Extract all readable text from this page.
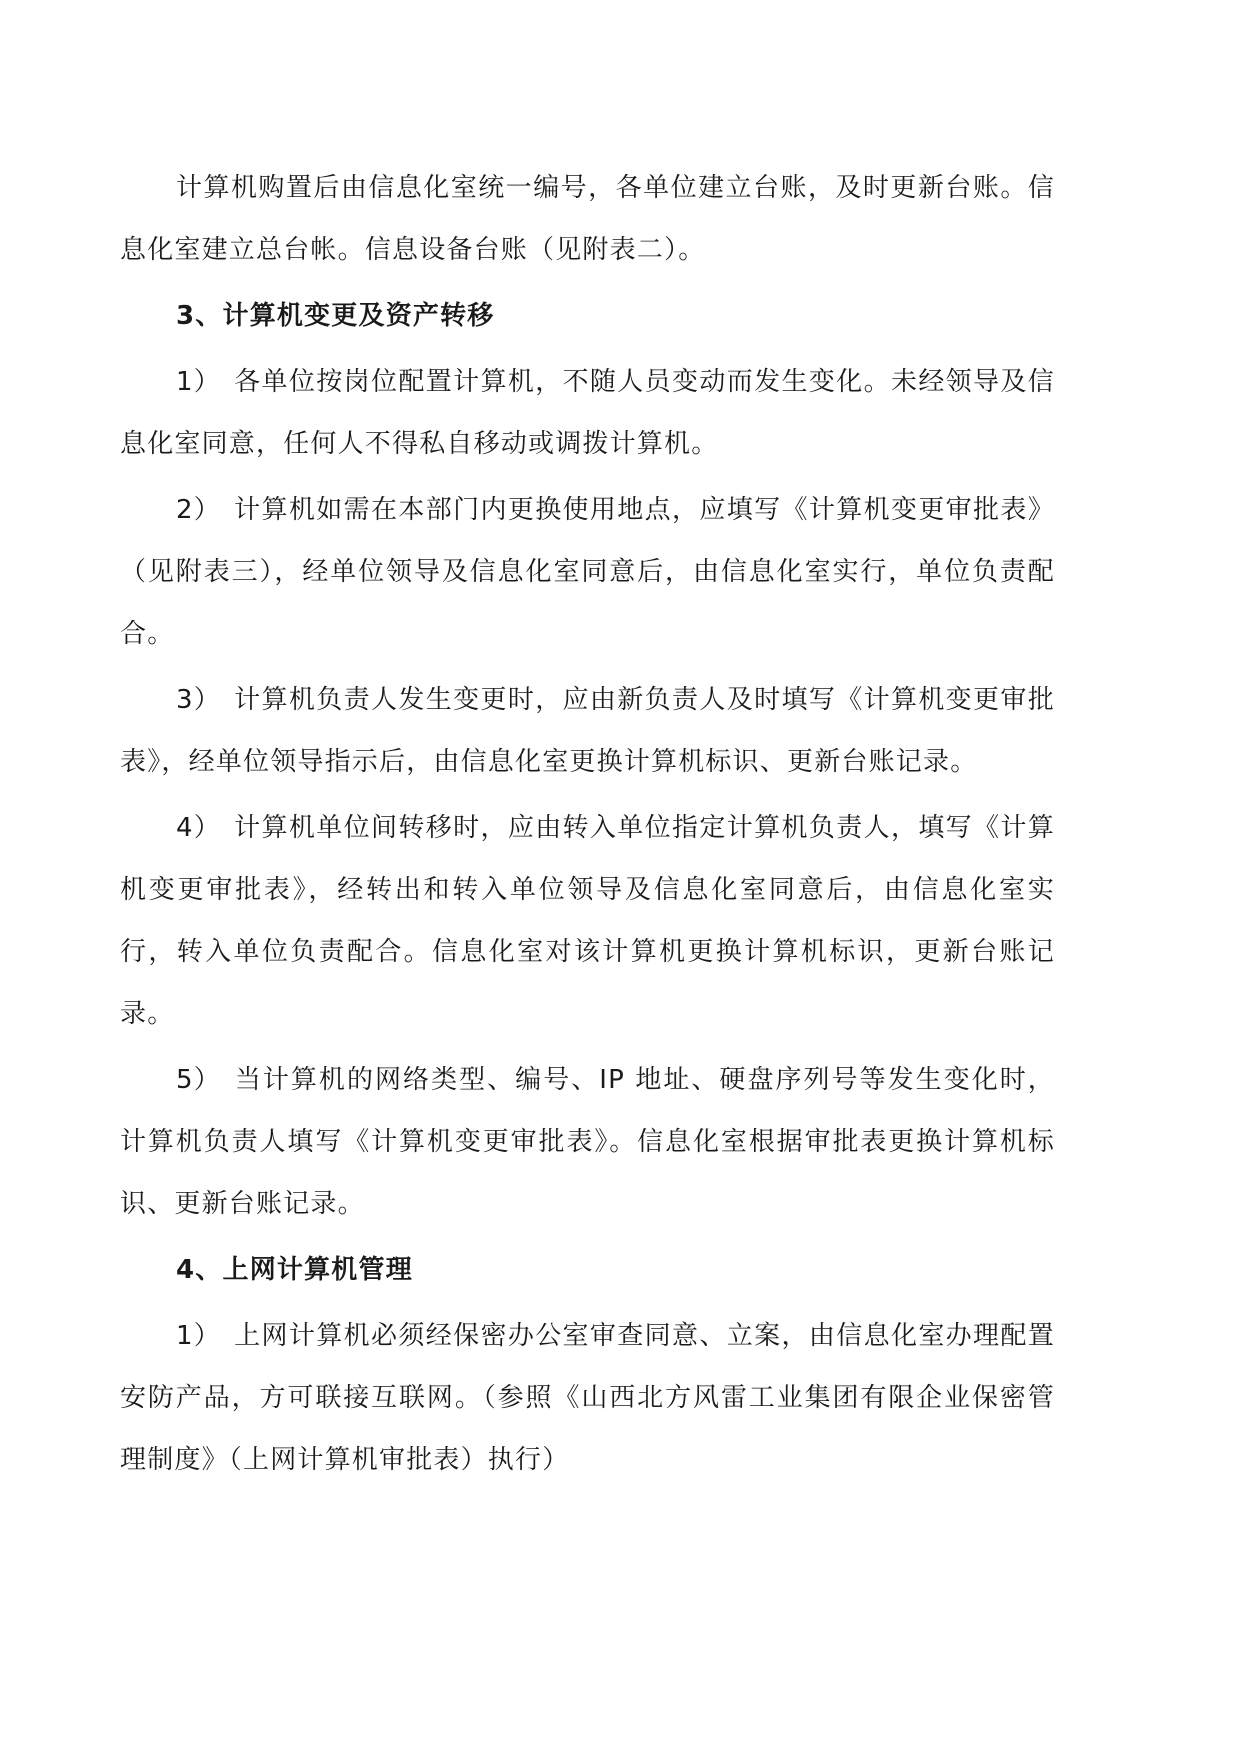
计算机购置后由信息化室统一编号，各单位建立台账，及时更新台账。信息化室建立总台帐。信息设备台账（见附表二）。

3、计算机变更及资产转移

1） 各单位按岗位配置计算机，不随人员变动而发生变化。未经领导及信息化室同意，任何人不得私自移动或调拨计算机。

2） 计算机如需在本部门内更换使用地点，应填写《计算机变更审批表》（见附表三），经单位领导及信息化室同意后，由信息化室实行，单位负责配合。

3） 计算机负责人发生变更时，应由新负责人及时填写《计算机变更审批表》，经单位领导指示后，由信息化室更换计算机标识、更新台账记录。

4） 计算机单位间转移时，应由转入单位指定计算机负责人，填写《计算机变更审批表》，经转出和转入单位领导及信息化室同意后，由信息化室实行，转入单位负责配合。信息化室对该计算机更换计算机标识，更新台账记录。

5） 当计算机的网络类型、编号、IP 地址、硬盘序列号等发生变化时，计算机负责人填写《计算机变更审批表》。信息化室根据审批表更换计算机标识、更新台账记录。

4、上网计算机管理

1） 上网计算机必须经保密办公室审查同意、立案，由信息化室办理配置安防产品，方可联接互联网。（参照《山西北方风雷工业集团有限企业保密管理制度》（上网计算机审批表）执行）
